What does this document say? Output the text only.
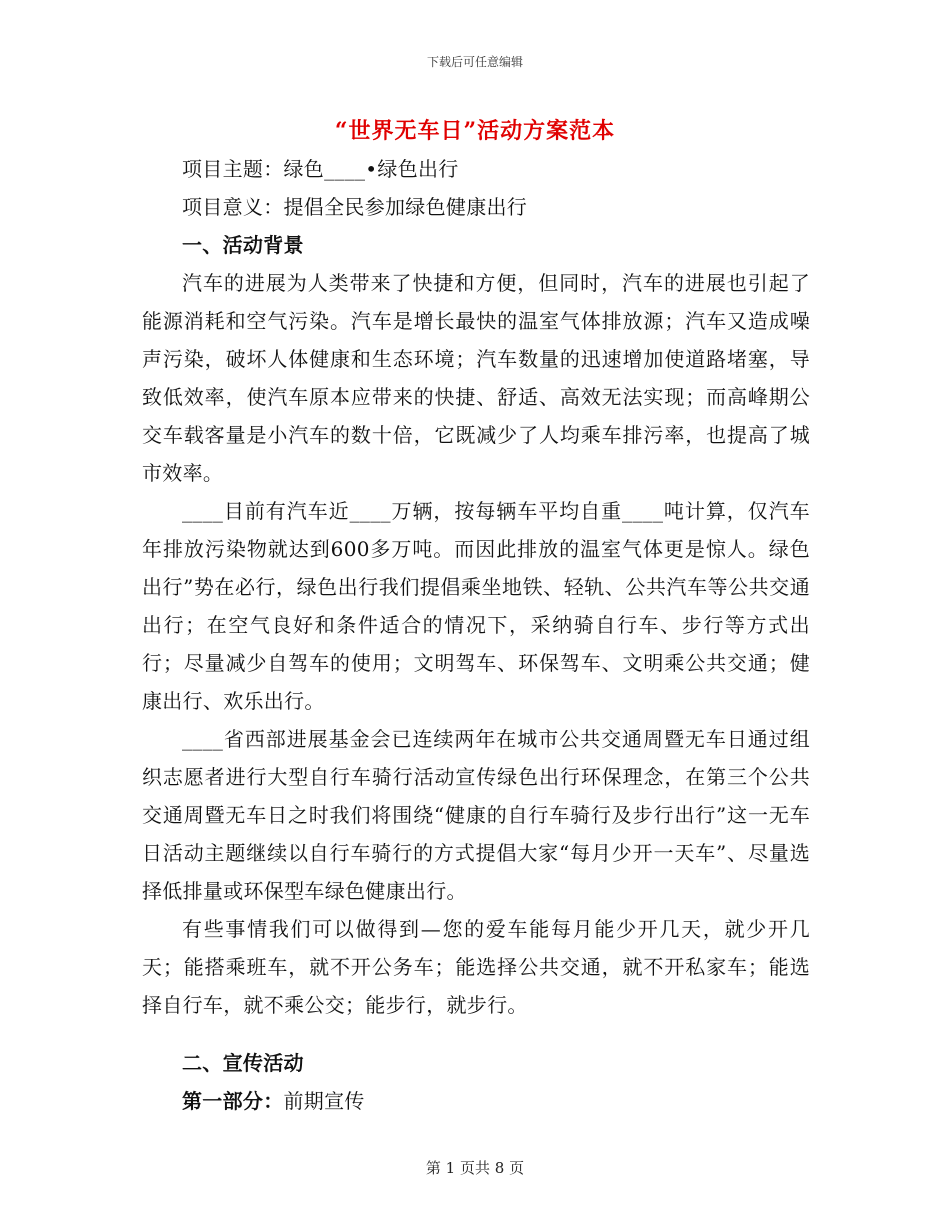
下载后可任意编辑
“世界无车日”活动方案范本

项目主题：绿色____•绿色出行

项目意义：提倡全民参加绿色健康出行

一、活动背景

汽车的进展为人类带来了快捷和方便，但同时，汽车的进展也引起了能源消耗和空气污染。汽车是增长最快的温室气体排放源；汽车又造成噪声污染，破坏人体健康和生态环境；汽车数量的迅速增加使道路堵塞，导致低效率，使汽车原本应带来的快捷、舒适、高效无法实现；而高峰期公交车载客量是小汽车的数十倍，它既减少了人均乘车排污率，也提高了城市效率。

____目前有汽车近____万辆，按每辆车平均自重____吨计算，仅汽车年排放污染物就达到600多万吨。而因此排放的温室气体更是惊人。绿色出行”势在必行，绿色出行我们提倡乘坐地铁、轻轨、公共汽车等公共交通出行；在空气良好和条件适合的情况下，采纳骑自行车、步行等方式出行；尽量减少自驾车的使用；文明驾车、环保驾车、文明乘公共交通；健康出行、欢乐出行。

____省西部进展基金会已连续两年在城市公共交通周暨无车日通过组织志愿者进行大型自行车骑行活动宣传绿色出行环保理念，在第三个公共交通周暨无车日之时我们将围绕“健康的自行车骑行及步行出行”这一无车日活动主题继续以自行车骑行的方式提倡大家“每月少开一天车”、尽量选择低排量或环保型车绿色健康出行。

有些事情我们可以做得到—您的爱车能每月能少开几天，就少开几天；能搭乘班车，就不开公务车；能选择公共交通，就不开私家车；能选择自行车，就不乘公交；能步行，就步行。

二、宣传活动

第一部分：前期宣传

第 1 页共 8 页
